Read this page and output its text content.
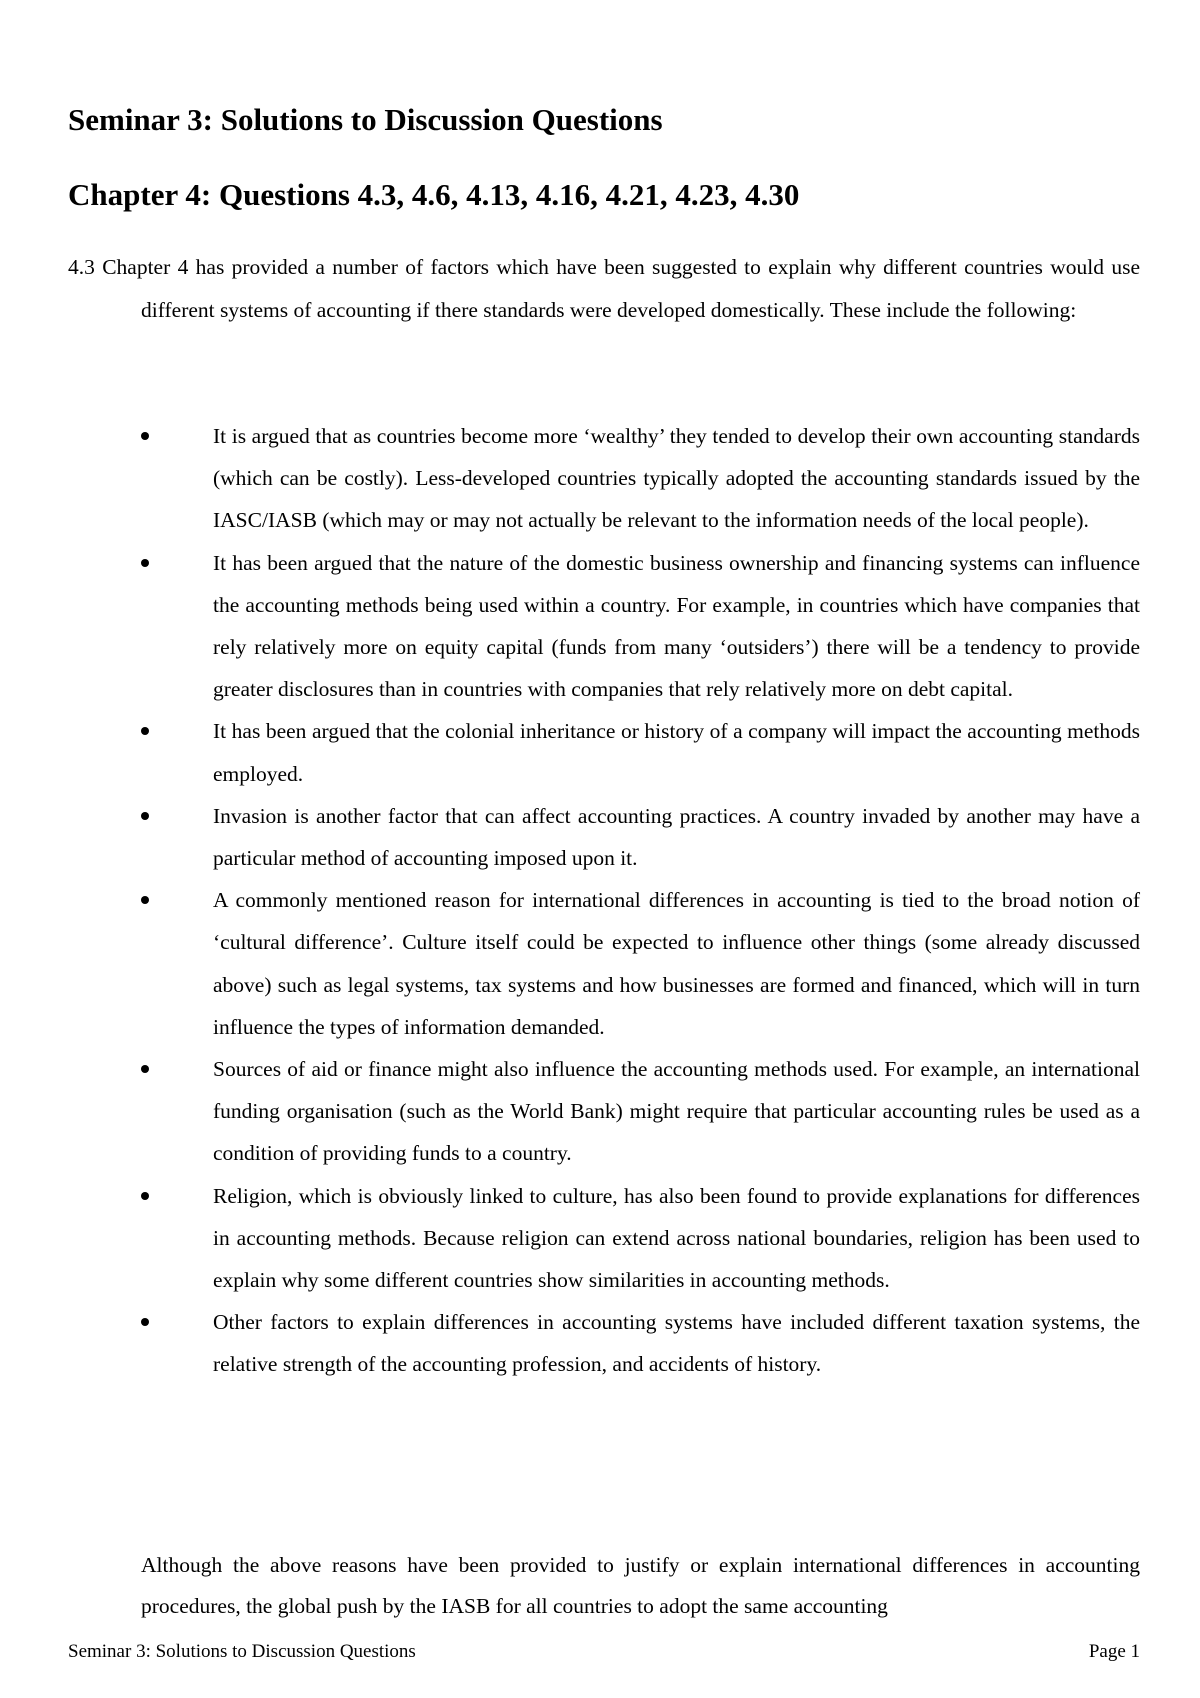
Seminar 3: Solutions to Discussion Questions
Chapter 4: Questions 4.3, 4.6, 4.13, 4.16, 4.21, 4.23, 4.30
4.3 Chapter 4 has provided a number of factors which have been suggested to explain why different countries would use different systems of accounting if there standards were developed domestically. These include the following:
It is argued that as countries become more ‘wealthy’ they tended to develop their own accounting standards (which can be costly). Less-developed countries typically adopted the accounting standards issued by the IASC/IASB (which may or may not actually be relevant to the information needs of the local people).
It has been argued that the nature of the domestic business ownership and financing systems can influence the accounting methods being used within a country. For example, in countries which have companies that rely relatively more on equity capital (funds from many ‘outsiders’) there will be a tendency to provide greater disclosures than in countries with companies that rely relatively more on debt capital.
It has been argued that the colonial inheritance or history of a company will impact the accounting methods employed.
Invasion is another factor that can affect accounting practices. A country invaded by another may have a particular method of accounting imposed upon it.
A commonly mentioned reason for international differences in accounting is tied to the broad notion of ‘cultural difference’. Culture itself could be expected to influence other things (some already discussed above) such as legal systems, tax systems and how businesses are formed and financed, which will in turn influence the types of information demanded.
Sources of aid or finance might also influence the accounting methods used. For example, an international funding organisation (such as the World Bank) might require that particular accounting rules be used as a condition of providing funds to a country.
Religion, which is obviously linked to culture, has also been found to provide explanations for differences in accounting methods. Because religion can extend across national boundaries, religion has been used to explain why some different countries show similarities in accounting methods.
Other factors to explain differences in accounting systems have included different taxation systems, the relative strength of the accounting profession, and accidents of history.
Although the above reasons have been provided to justify or explain international differences in accounting procedures, the global push by the IASB for all countries to adopt the same accounting
Seminar 3: Solutions to Discussion Questions	Page 1
